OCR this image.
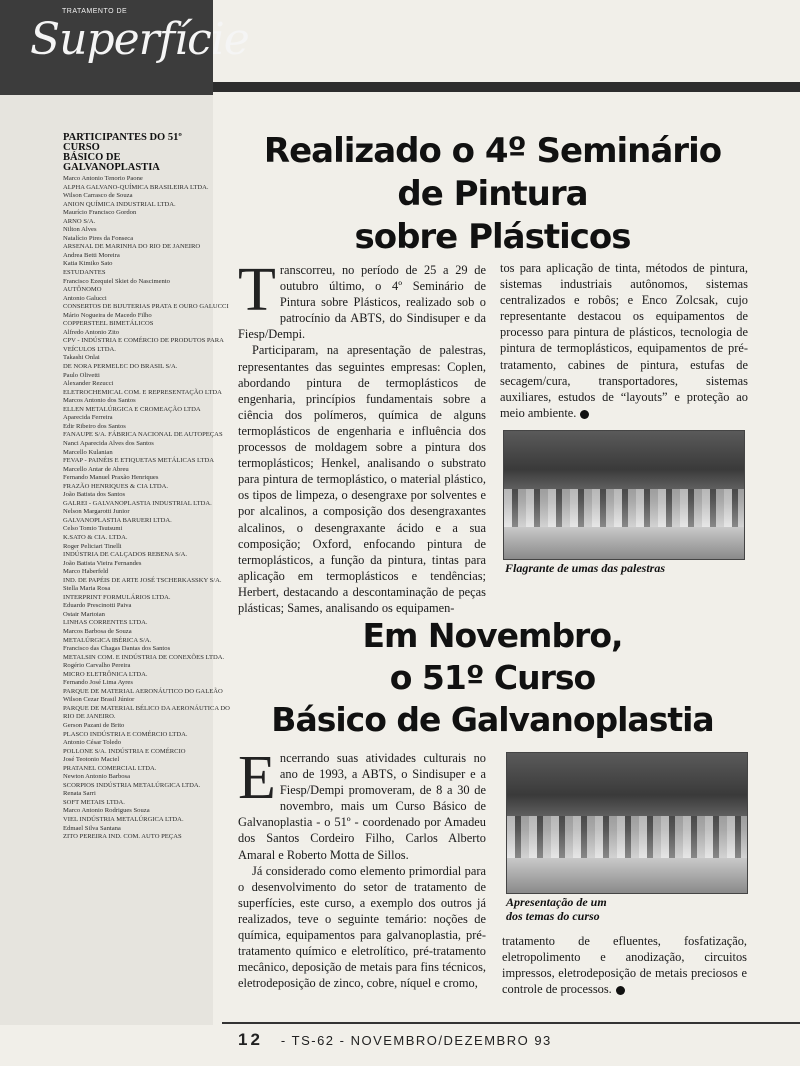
TRATAMENTO DE
Superfície
PARTICIPANTES DO 51º CURSO
BÁSICO DE GALVANOPLASTIA
Marco Antonio Tenorio Paone
ALPHA GALVANO-QUÍMICA BRASILEIRA LTDA.
Wilson Carrasco de Souza
ANION QUÍMICA INDUSTRIAL LTDA.
Maurício Francisco Gordon
ARNO S/A.
Nilton Alves
Natalício Pires da Fonseca
ARSENAL DE MARINHA DO RIO DE JANEIRO
Andrea Betti Moreira
Katia Kimiko Sato
ESTUDANTES
Francisco Ezequiel Skiet do Nascimento
AUTÔNOMO
Antonio Galucci
CONSERTOS DE BIJUTERIAS PRATA E OURO GALUCCI
Mário Nogueira de Macedo Filho
COPPERSTEEL BIMETÁLICOS
Alfredo Antonio Zito
CPV - INDÚSTRIA E COMÉRCIO DE PRODUTOS PARA
VEÍCULOS LTDA.
Takashi Onlai
DE NORA PERMELEC DO BRASIL S/A.
Paulo Olivetti
Alexander Rezucci
ELETROCHEMICAL COM. E REPRESENTAÇÃO LTDA
Marcos Antonio dos Santos
ELLEN METALÚRGICA E CROMEAÇÃO LTDA
Aparecida Ferreira
Edir Ribeiro dos Santos
FANAUPE S/A. FÁBRICA NACIONAL DE AUTOPEÇAS
Nanci Aparecida Alves dos Santos
Marcello Kulanian
FEVAP - PAINÉIS E ETIQUETAS METÁLICAS LTDA
Marcello Antar de Abreu
Fernando Manuel Praxão Henriques
FRAZÃO HENRIQUES & CIA LTDA.
João Batista dos Santos
GALREI - GALVANOPLASTIA INDUSTRIAL LTDA.
Nelson Margarotti Junior
GALVANOPLASTIA BARUERI LTDA.
Celso Tomio Tsutsumi
K.SATO & CIA. LTDA.
Roger Peliciari Tinelli
INDÚSTRIA DE CALÇADOS REBENA S/A.
João Batista Vieira Fernandes
Marco Haberfeld
IND. DE PAPÉIS DE ARTE JOSÉ TSCHERKASSKY S/A.
Stella Maria Rosa
INTERPRINT FORMULÁRIOS LTDA.
Eduardo Prescinotti Paiva
Ostair Martoian
LINHAS CORRENTES LTDA.
Marcos Barbosa de Souza
METALÚRGICA IBÉRICA S/A.
Francisco das Chagas Dantas dos Santos
METALSIN COM. E INDÚSTRIA DE CONEXÕES LTDA.
Rogério Carvalho Pereira
MICRO ELETRÔNICA LTDA.
Fernando José Lima Ayres
PARQUE DE MATERIAL AERONÁUTICO DO GALEÃO
Wilson Cezar Brasil Júnior
PARQUE DE MATERIAL BÉLICO DA AERONÁUTICA DO
RIO DE JANEIRO.
Gerson Pazani de Brito
PLASCO INDÚSTRIA E COMÉRCIO LTDA.
Antonio César Toledo
POLLONE S/A. INDÚSTRIA E COMÉRCIO
José Teotonio Maciel
PRATANEL COMERCIAL LTDA.
Newton Antonio Barbosa
SCORPIOS INDÚSTRIA METALÚRGICA LTDA.
Renata Sarri
SOFT METAIS LTDA.
Marco Antonio Rodrigues Souza
VIEL INDÚSTRIA METALÚRGICA LTDA.
Edmael Silva Santana
ZITO PEREIRA IND. COM. AUTO PEÇAS
Realizado o 4º Seminário
de Pintura
sobre Plásticos

Transcorreu, no período de 25 a 29 de outubro último, o 4º Seminário de Pintura sobre Plásticos, realizado sob o patrocínio da ABTS, do Sindisuper e da Fiesp/Dempi.

Participaram, na apresentação de palestras, representantes das seguintes empresas: Coplen, abordando pintura de termoplásticos de engenharia, princípios fundamentais sobre a ciência dos polímeros, química de alguns termoplásticos de engenharia e influência dos processos de moldagem sobre a pintura dos termoplásticos; Henkel, analisando o substrato para pintura de termoplástico, o material plástico, os tipos de limpeza, o desengraxe por solventes e por alcalinos, a composição dos desengraxantes alcalinos, o desengraxante ácido e a sua composição; Oxford, enfocando pintura de termoplásticos, a função da pintura, tintas para aplicação em termoplásticos e tendências; Herbert, destacando a descontaminação de peças plásticas; Sames, analisando os equipamen-

tos para aplicação de tinta, métodos de pintura, sistemas industriais autônomos, sistemas centralizados e robôs; e Enco Zolcsak, cujo representante destacou os equipamentos de processo para pintura de plásticos, tecnologia de pintura de termoplásticos, equipamentos de pré-tratamento, cabines de pintura, estufas de secagem/cura, transportadores, sistemas auxiliares, estudos de “layouts” e proteção ao meio ambiente.

Flagrante de umas das palestras
Em Novembro,
o 51º Curso
Básico de Galvanoplastia

Encerrando suas atividades culturais no ano de 1993, a ABTS, o Sindisuper e a Fiesp/Dempi promoveram, de 8 a 30 de novembro, mais um Curso Básico de Galvanoplastia - o 51º - coordenado por Amadeu dos Santos Cordeiro Filho, Carlos Alberto Amaral e Roberto Motta de Sillos.

Já considerado como elemento primordial para o desenvolvimento do setor de tratamento de superfícies, este curso, a exemplo dos outros já realizados, teve o seguinte temário: noções de química, equipamentos para galvanoplastia, pré-tratamento químico e eletrolítico, pré-tratamento mecânico, deposição de metais para fins técnicos, eletrodeposição de zinco, cobre, níquel e cromo,

Apresentação de um
dos temas do curso

tratamento de efluentes, fosfatização, eletropolimento e anodização, circuitos impressos, eletrodeposição de metais preciosos e controle de processos.

12 - TS-62 - NOVEMBRO/DEZEMBRO 93
